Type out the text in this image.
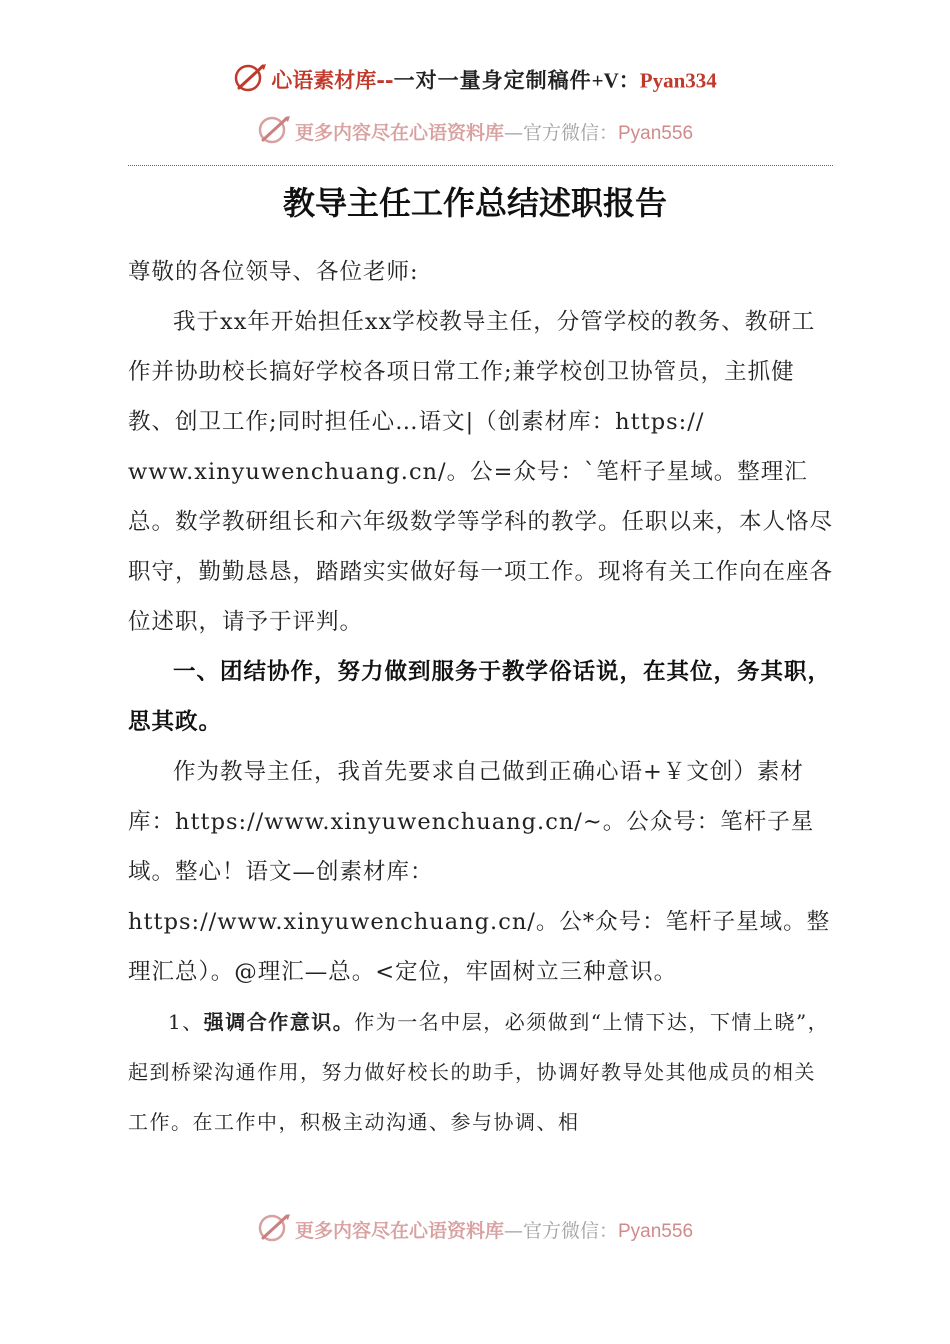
心语素材库--一对一量身定制稿件+V：Pyan334
更多内容尽在心语资料库—官方微信：Pyan556
教导主任工作总结述职报告

尊敬的各位领导、各位老师:

我于xx年开始担任xx学校教导主任，分管学校的教务、教研工作并协助校长搞好学校各项日常工作;兼学校创卫协管员，主抓健教、创卫工作;同时担任心…语文|（创素材库：https:// www.xinyuwenchuang.cn/。公=众号：`笔杆子星域。整理汇总。数学教研组长和六年级数学等学科的教学。任职以来，本人恪尽职守，勤勤恳恳，踏踏实实做好每一项工作。现将有关工作向在座各位述职，请予于评判。

一、团结协作，努力做到服务于教学俗话说，在其位，务其职，思其政。

作为教导主任，我首先要求自己做到正确心语+￥文创）素材库：https://www.xinyuwenchuang.cn/~。公众号：笔杆子星域。整心！语文—创素材库：https://www.xinyuwenchuang.cn/。公*众号：笔杆子星域。整理汇总）。@理汇—总。<定位，牢固树立三种意识。

1、强调合作意识。作为一名中层，必须做到“上情下达，下情上晓”，起到桥梁沟通作用，努力做好校长的助手，协调好教导处其他成员的相关工作。在工作中，积极主动沟通、参与协调、相

更多内容尽在心语资料库—官方微信：Pyan556
